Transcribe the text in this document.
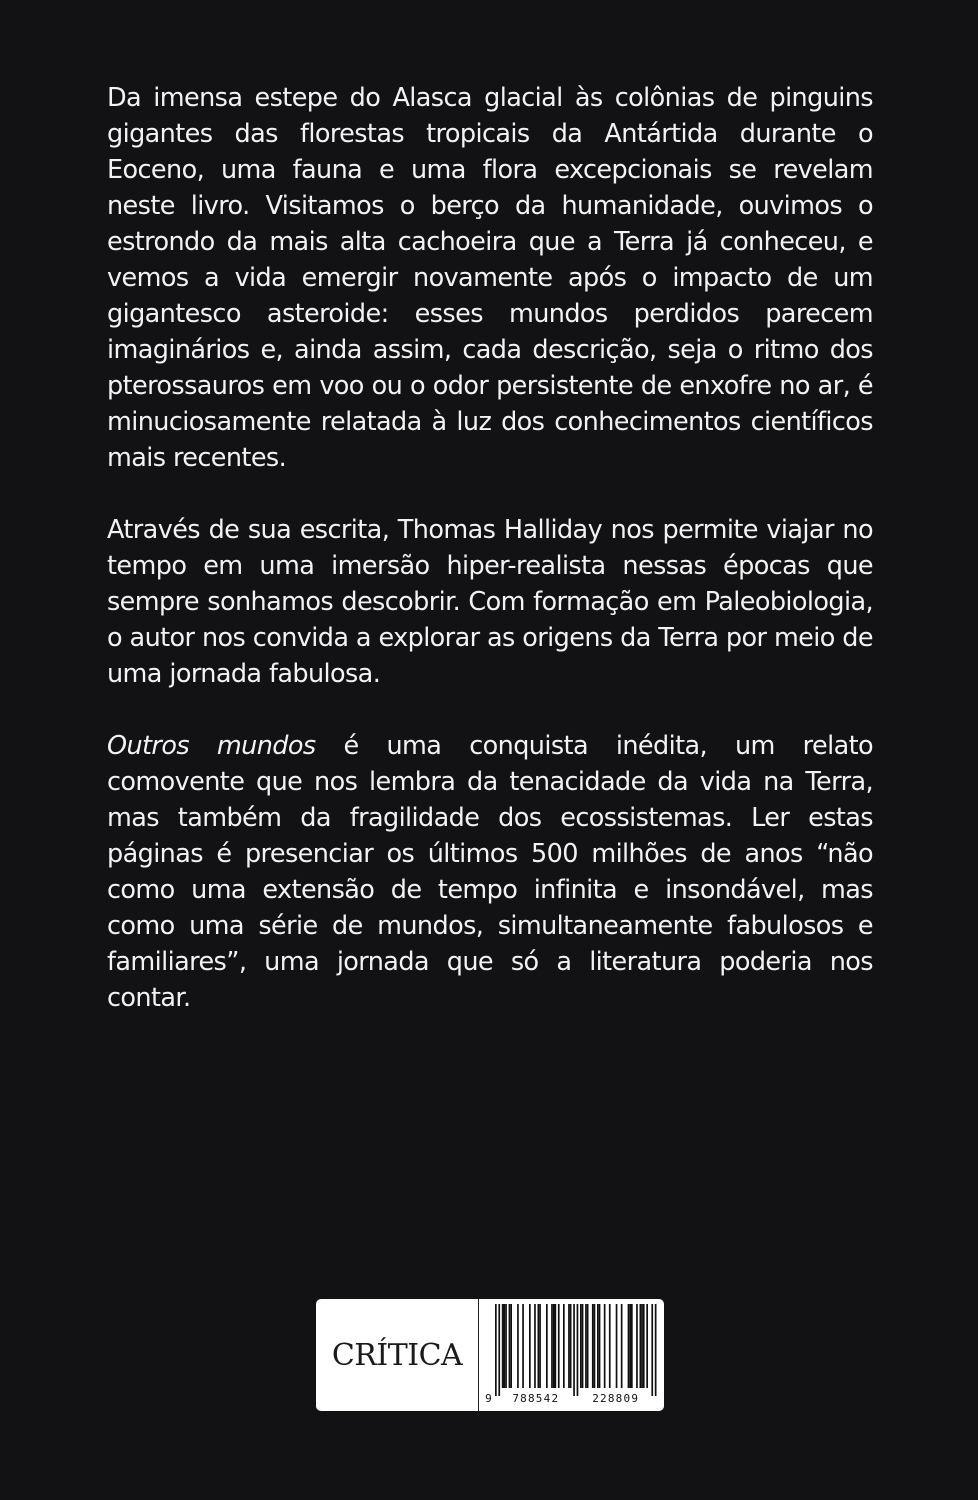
Da imensa estepe do Alasca glacial às colônias de pinguins gigantes das florestas tropicais da Antártida durante o Eoceno, uma fauna e uma flora excepcionais se revelam neste livro. Visitamos o berço da humanidade, ouvimos o estrondo da mais alta cachoeira que a Terra já conheceu, e vemos a vida emergir novamente após o impacto de um gigantesco asteroide: esses mundos perdidos parecem imaginários e, ainda assim, cada descrição, seja o ritmo dos pterossauros em voo ou o odor persistente de enxofre no ar, é minuciosamente relatada à luz dos conhecimentos científicos mais recentes.

Através de sua escrita, Thomas Halliday nos permite viajar no tempo em uma imersão hiper-realista nessas épocas que sempre sonhamos descobrir. Com formação em Paleobiologia, o autor nos convida a explorar as origens da Terra por meio de uma jornada fabulosa.

Outros mundos é uma conquista inédita, um relato comovente que nos lembra da tenacidade da vida na Terra, mas também da fragilidade dos ecossistemas. Ler estas páginas é presenciar os últimos 500 milhões de anos “não como uma extensão de tempo infinita e insondável, mas como uma série de mundos, simultaneamente fabulosos e familiares”, uma jornada que só a literatura poderia nos contar.

CRÍTICA
9 788542	228809
